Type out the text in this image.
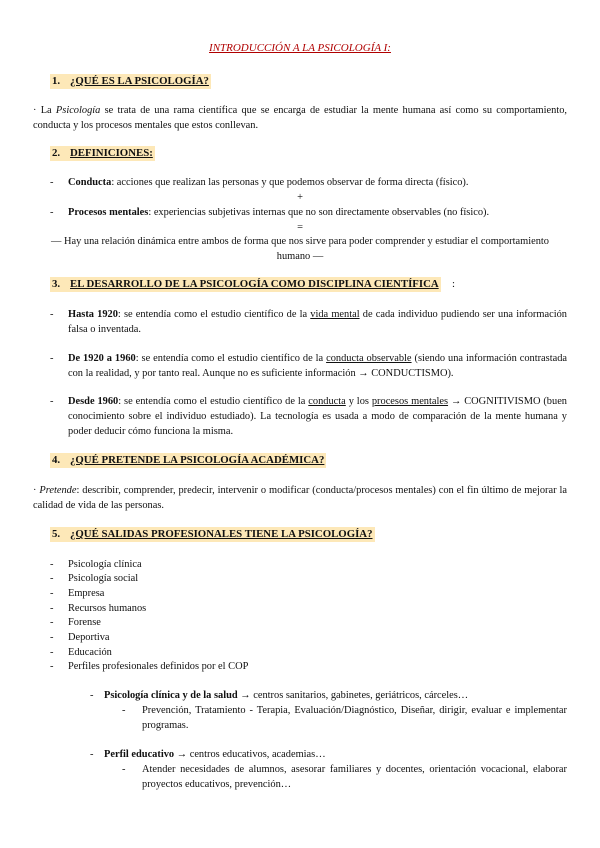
INTRODUCCIÓN A LA PSICOLOGÍA I:
1. ¿QUÉ ES LA PSICOLOGÍA?
· La Psicología se trata de una rama científica que se encarga de estudiar la mente humana así como su comportamiento, conducta y los procesos mentales que estos conllevan.
2. DEFINICIONES:
- Conducta: acciones que realizan las personas y que podemos observar de forma directa (físico).
+
- Procesos mentales: experiencias subjetivas internas que no son directamente observables (no físico).
=
— Hay una relación dinámica entre ambos de forma que nos sirve para poder comprender y estudiar el comportamiento humano —
3. EL DESARROLLO DE LA PSICOLOGÍA COMO DISCIPLINA CIENTÍFICA :
- Hasta 1920: se entendía como el estudio científico de la vida mental de cada individuo pudiendo ser una información falsa o inventada.
- De 1920 a 1960: se entendía como el estudio científico de la conducta observable (siendo una información contrastada con la realidad, y por tanto real. Aunque no es suficiente información → CONDUCTISMO).
- Desde 1960: se entendía como el estudio científico de la conducta y los procesos mentales → COGNITIVISMO (buen conocimiento sobre el individuo estudiado). La tecnología es usada a modo de comparación de la mente humana y poder deducir cómo funciona la misma.
4. ¿QUÉ PRETENDE LA PSICOLOGÍA ACADÉMICA?
· Pretende: describir, comprender, predecir, intervenir o modificar (conducta/procesos mentales) con el fin último de mejorar la calidad de vida de las personas.
5. ¿QUÉ SALIDAS PROFESIONALES TIENE LA PSICOLOGÍA?
- Psicología clínica
- Psicología social
- Empresa
- Recursos humanos
- Forense
- Deportiva
- Educación
- Perfiles profesionales definidos por el COP
- Psicología clínica y de la salud → centros sanitarios, gabinetes, geriátricos, cárceles…
- Prevención, Tratamiento - Terapia, Evaluación/Diagnóstico, Diseñar, dirigir, evaluar e implementar programas.
- Perfil educativo → centros educativos, academias…
- Atender necesidades de alumnos, asesorar familiares y docentes, orientación vocacional, elaborar proyectos educativos, prevención…
